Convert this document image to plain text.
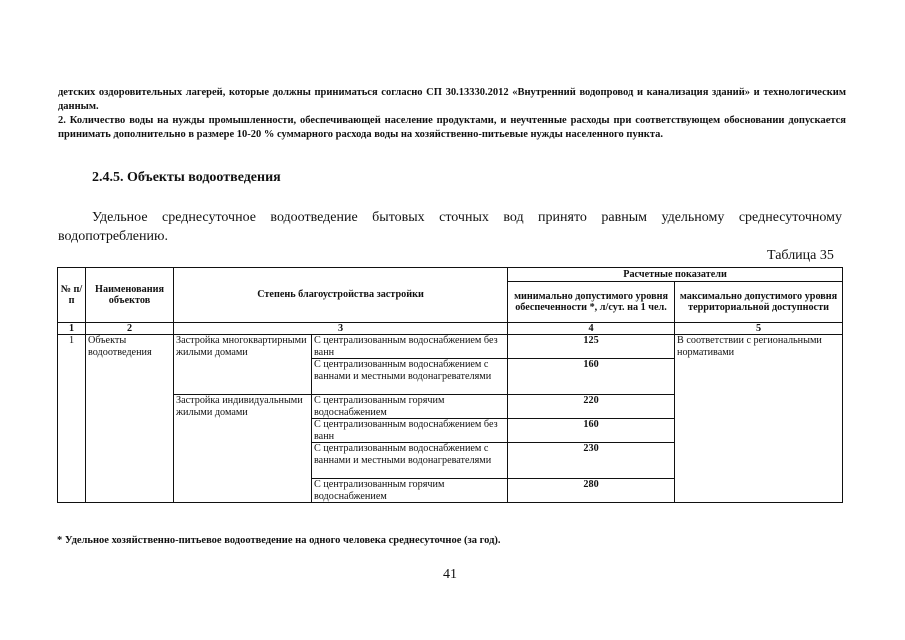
детских оздоровительных лагерей, которые должны приниматься согласно СП 30.13330.2012 «Внутренний водопровод и канализация зданий» и технологическим данным.

2. Количество воды на нужды промышленности, обеспечивающей население продуктами, и неучтенные расходы при соответствующем обосновании допускается принимать дополнительно в размере 10-20 % суммарного расхода воды на хозяйственно-питьевые нужды населенного пункта.

2.4.5. Объекты водоотведения
Удельное среднесуточное водоотведение бытовых сточных вод принято равным удельному среднесуточному водопотреблению.
Таблица 35
№ п/п	Наименования объектов	Степень благоустройства застройки		Расчетные показатели	
				минимально допустимого уровня обеспеченности *, л/сут. на 1 чел.	максимально допустимого уровня территориальной доступности
1	2	3		4	5
1	Объекты водоотведения	Застройка многоквартирными жилыми домами	С централизованным водоснабжением без ванн	125	В соответствии с региональными нормативами
			С централизованным водоснабжением с ваннами и местными водонагревателями	160	
		Застройка индивидуальными жилыми домами	С централизованным горячим водоснабжением	220	
			С централизованным водоснабжением без ванн	160	
			С централизованным водоснабжением с ваннами и местными водонагревателями	230	
			С централизованным горячим водоснабжением	280	
* Удельное хозяйственно-питьевое водоотведение на одного человека среднесуточное (за год).
41
